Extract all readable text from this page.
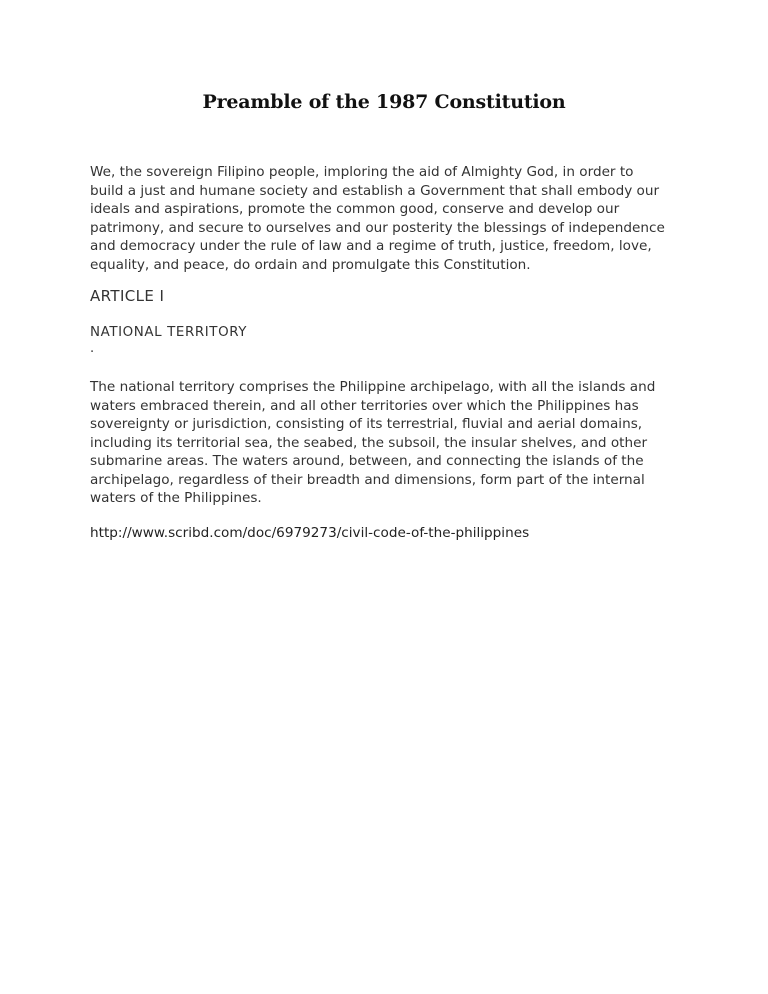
Preamble of the 1987 Constitution
We, the sovereign Filipino people, imploring the aid of Almighty God, in order to
build a just and humane society and establish a Government that shall embody our
ideals and aspirations, promote the common good, conserve and develop our
patrimony, and secure to ourselves and our posterity the blessings of independence
and democracy under the rule of law and a regime of truth, justice, freedom, love,
equality, and peace, do ordain and promulgate this Constitution.
ARTICLE I
NATIONAL TERRITORY
.
The national territory comprises the Philippine archipelago, with all the islands and
waters embraced therein, and all other territories over which the Philippines has
sovereignty or jurisdiction, consisting of its terrestrial, fluvial and aerial domains,
including its territorial sea, the seabed, the subsoil, the insular shelves, and other
submarine areas. The waters around, between, and connecting the islands of the
archipelago, regardless of their breadth and dimensions, form part of the internal
waters of the Philippines.
http://www.scribd.com/doc/6979273/civil-code-of-the-philippines
